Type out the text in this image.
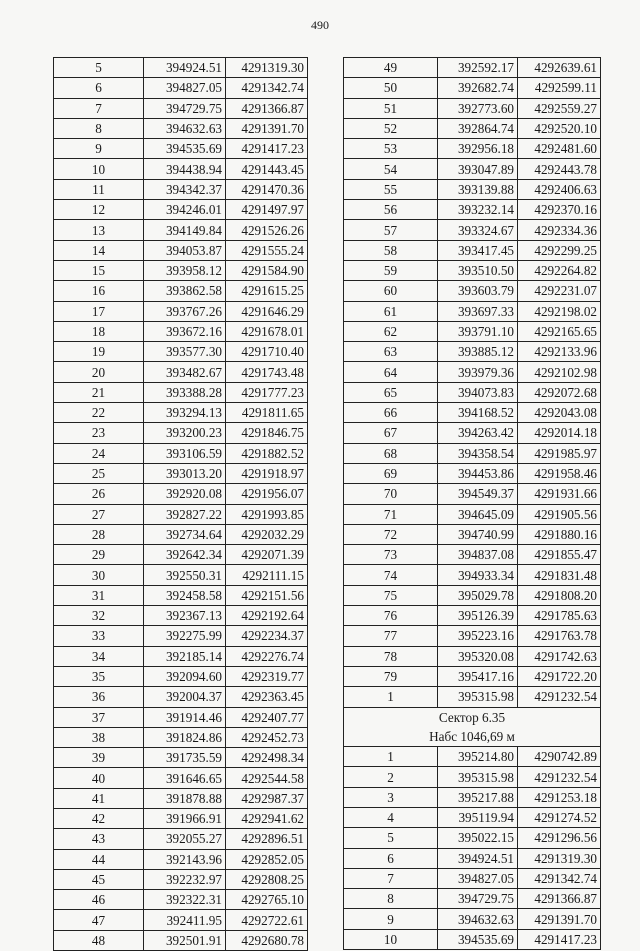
490
5	394924.51	4291319.30
6	394827.05	4291342.74
7	394729.75	4291366.87
8	394632.63	4291391.70
9	394535.69	4291417.23
10	394438.94	4291443.45
11	394342.37	4291470.36
12	394246.01	4291497.97
13	394149.84	4291526.26
14	394053.87	4291555.24
15	393958.12	4291584.90
16	393862.58	4291615.25
17	393767.26	4291646.29
18	393672.16	4291678.01
19	393577.30	4291710.40
20	393482.67	4291743.48
21	393388.28	4291777.23
22	393294.13	4291811.65
23	393200.23	4291846.75
24	393106.59	4291882.52
25	393013.20	4291918.97
26	392920.08	4291956.07
27	392827.22	4291993.85
28	392734.64	4292032.29
29	392642.34	4292071.39
30	392550.31	4292111.15
31	392458.58	4292151.56
32	392367.13	4292192.64
33	392275.99	4292234.37
34	392185.14	4292276.74
35	392094.60	4292319.77
36	392004.37	4292363.45
37	391914.46	4292407.77
38	391824.86	4292452.73
39	391735.59	4292498.34
40	391646.65	4292544.58
41	391878.88	4292987.37
42	391966.91	4292941.62
43	392055.27	4292896.51
44	392143.96	4292852.05
45	392232.97	4292808.25
46	392322.31	4292765.10
47	392411.95	4292722.61
48	392501.91	4292680.78
49	392592.17	4292639.61
50	392682.74	4292599.11
51	392773.60	4292559.27
52	392864.74	4292520.10
53	392956.18	4292481.60
54	393047.89	4292443.78
55	393139.88	4292406.63
56	393232.14	4292370.16
57	393324.67	4292334.36
58	393417.45	4292299.25
59	393510.50	4292264.82
60	393603.79	4292231.07
61	393697.33	4292198.02
62	393791.10	4292165.65
63	393885.12	4292133.96
64	393979.36	4292102.98
65	394073.83	4292072.68
66	394168.52	4292043.08
67	394263.42	4292014.18
68	394358.54	4291985.97
69	394453.86	4291958.46
70	394549.37	4291931.66
71	394645.09	4291905.56
72	394740.99	4291880.16
73	394837.08	4291855.47
74	394933.34	4291831.48
75	395029.78	4291808.20
76	395126.39	4291785.63
77	395223.16	4291763.78
78	395320.08	4291742.63
79	395417.16	4291722.20
1	395315.98	4291232.54
Сектор 6.35		
Набс 1046,69 м		
1	395214.80	4290742.89
2	395315.98	4291232.54
3	395217.88	4291253.18
4	395119.94	4291274.52
5	395022.15	4291296.56
6	394924.51	4291319.30
7	394827.05	4291342.74
8	394729.75	4291366.87
9	394632.63	4291391.70
10	394535.69	4291417.23
